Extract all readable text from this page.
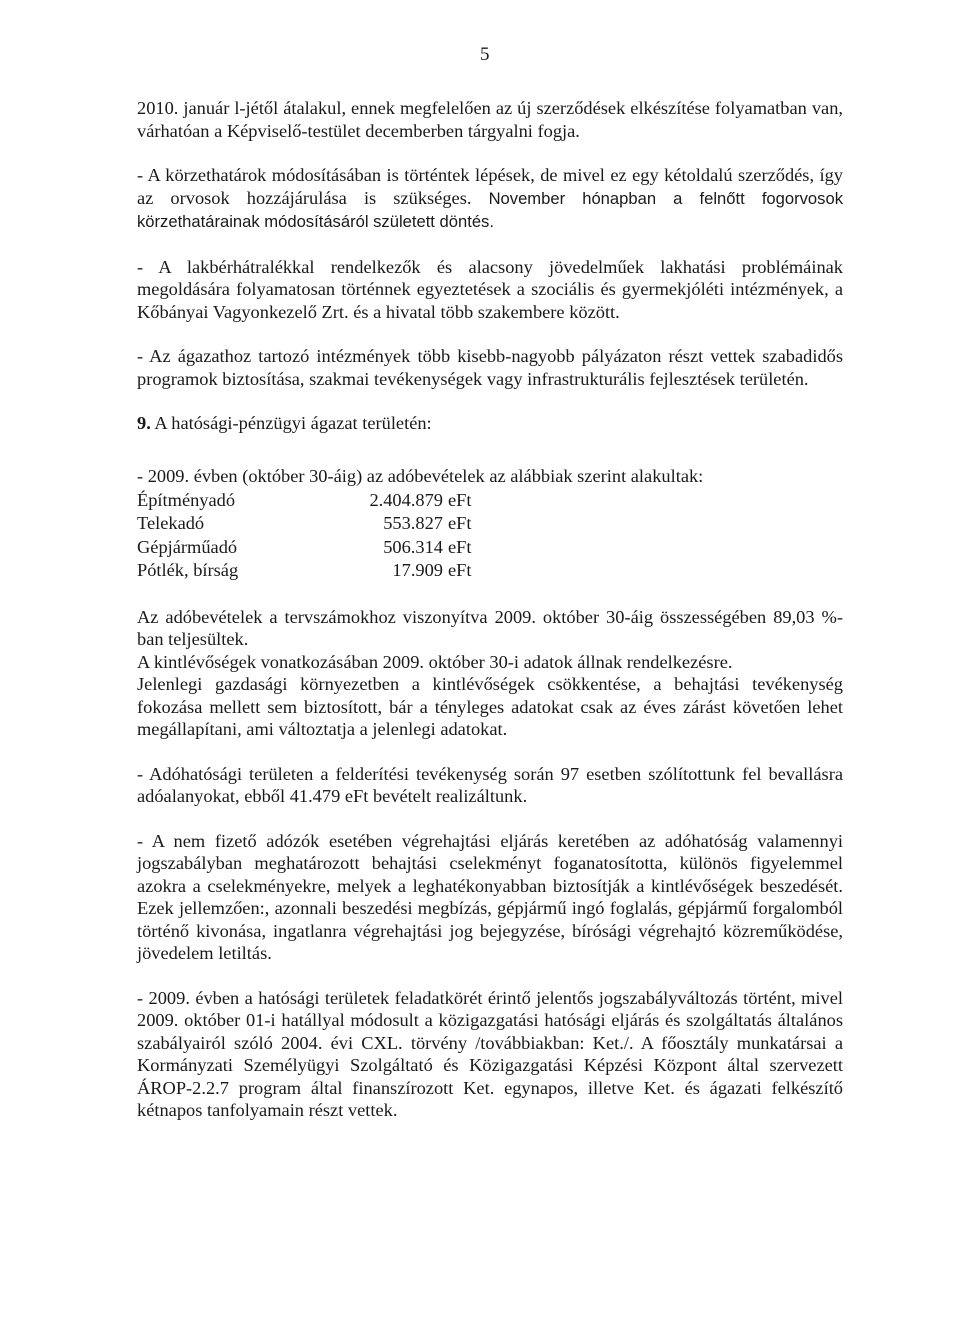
5

2010. január l-jétől átalakul, ennek megfelelően az új szerződések elkészítése folyamatban van, várhatóan a Képviselő-testület decemberben tárgyalni fogja.

- A körzethatárok módosításában is történtek lépések, de mivel ez egy kétoldalú szerződés, így az orvosok hozzájárulása is szükséges. November hónapban a felnőtt fogorvosok körzethatárainak módosításáról született döntés.

- A lakbérhátralékkal rendelkezők és alacsony jövedelműek lakhatási problémáinak megoldására folyamatosan történnek egyeztetések a szociális és gyermekjóléti intézmények, a Kőbányai Vagyonkezelő Zrt. és a hivatal több szakembere között.

- Az ágazathoz tartozó intézmények több kisebb-nagyobb pályázaton részt vettek szabadidős programok biztosítása, szakmai tevékenységek vagy infrastrukturális fejlesztések területén.

9. A hatósági-pénzügyi ágazat területén:

- 2009. évben (október 30-áig) az adóbevételek az alábbiak szerint alakultak:

Építményadó	2.404.879	eFt
Telekadó	553.827	eFt
Gépjárműadó	506.314	eFt
Pótlék, bírság	17.909	eFt

Az adóbevételek a tervszámokhoz viszonyítva 2009. október 30-áig összességében 89,03 %-ban teljesültek.

A kintlévőségek vonatkozásában 2009. október 30-i adatok állnak rendelkezésre.

Jelenlegi gazdasági környezetben a kintlévőségek csökkentése, a behajtási tevékenység fokozása mellett sem biztosított, bár a tényleges adatokat csak az éves zárást követően lehet megállapítani, ami változtatja a jelenlegi adatokat.

- Adóhatósági területen a felderítési tevékenység során 97 esetben szólítottunk fel bevallásra adóalanyokat, ebből 41.479 eFt bevételt realizáltunk.

- A nem fizető adózók esetében végrehajtási eljárás keretében az adóhatóság valamennyi jogszabályban meghatározott behajtási cselekményt foganatosította, különös figyelemmel azokra a cselekményekre, melyek a leghatékonyabban biztosítják a kintlévőségek beszedését. Ezek jellemzően:, azonnali beszedési megbízás, gépjármű ingó foglalás, gépjármű forgalomból történő kivonása, ingatlanra végrehajtási jog bejegyzése, bírósági végrehajtó közreműködése, jövedelem letiltás.

- 2009. évben a hatósági területek feladatkörét érintő jelentős jogszabályváltozás történt, mivel 2009. október 01-i hatállyal módosult a közigazgatási hatósági eljárás és szolgáltatás általános szabályairól szóló 2004. évi CXL. törvény /továbbiakban: Ket./. A főosztály munkatársai a Kormányzati Személyügyi Szolgáltató és Közigazgatási Képzési Központ által szervezett ÁROP-2.2.7 program által finanszírozott Ket. egynapos, illetve Ket. és ágazati felkészítő kétnapos tanfolyamain részt vettek.
